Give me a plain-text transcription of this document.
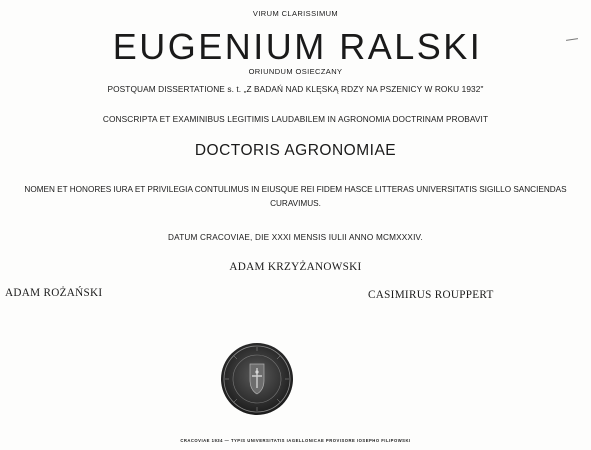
VIRUM CLARISSIMUM
EUGENIUM RALSKI
ORIUNDUM OSIECZANY
POSTQUAM DISSERTATIONE s. t. „Z BADAŃ NAD KLĘSKĄ RDZY NA PSZENICY W ROKU 1932"
CONSCRIPTA ET EXAMINIBUS LEGITIMIS LAUDABILEM IN AGRONOMIA DOCTRINAM PROBAVIT
DOCTORIS AGRONOMIAE
NOMEN ET HONORES IURA ET PRIVILEGIA CONTULIMUS IN EIUSQUE REI FIDEM HASCE LITTERAS UNIVERSITATIS SIGILLO SANCIENDAS CURAVIMUS.
DATUM CRACOVIAE, DIE XXXI MENSIS IULII ANNO MCMXXXIV.
ADAM KRZYŻANOWSKI
ADAM ROŻAŃSKI	CASIMIRUS ROUPPERT
CRACOVIAE 1934 — TYPIS UNIVERSITATIS IAGELLONICAE PROVISORE IOSEPHO FILIPOWSKI
